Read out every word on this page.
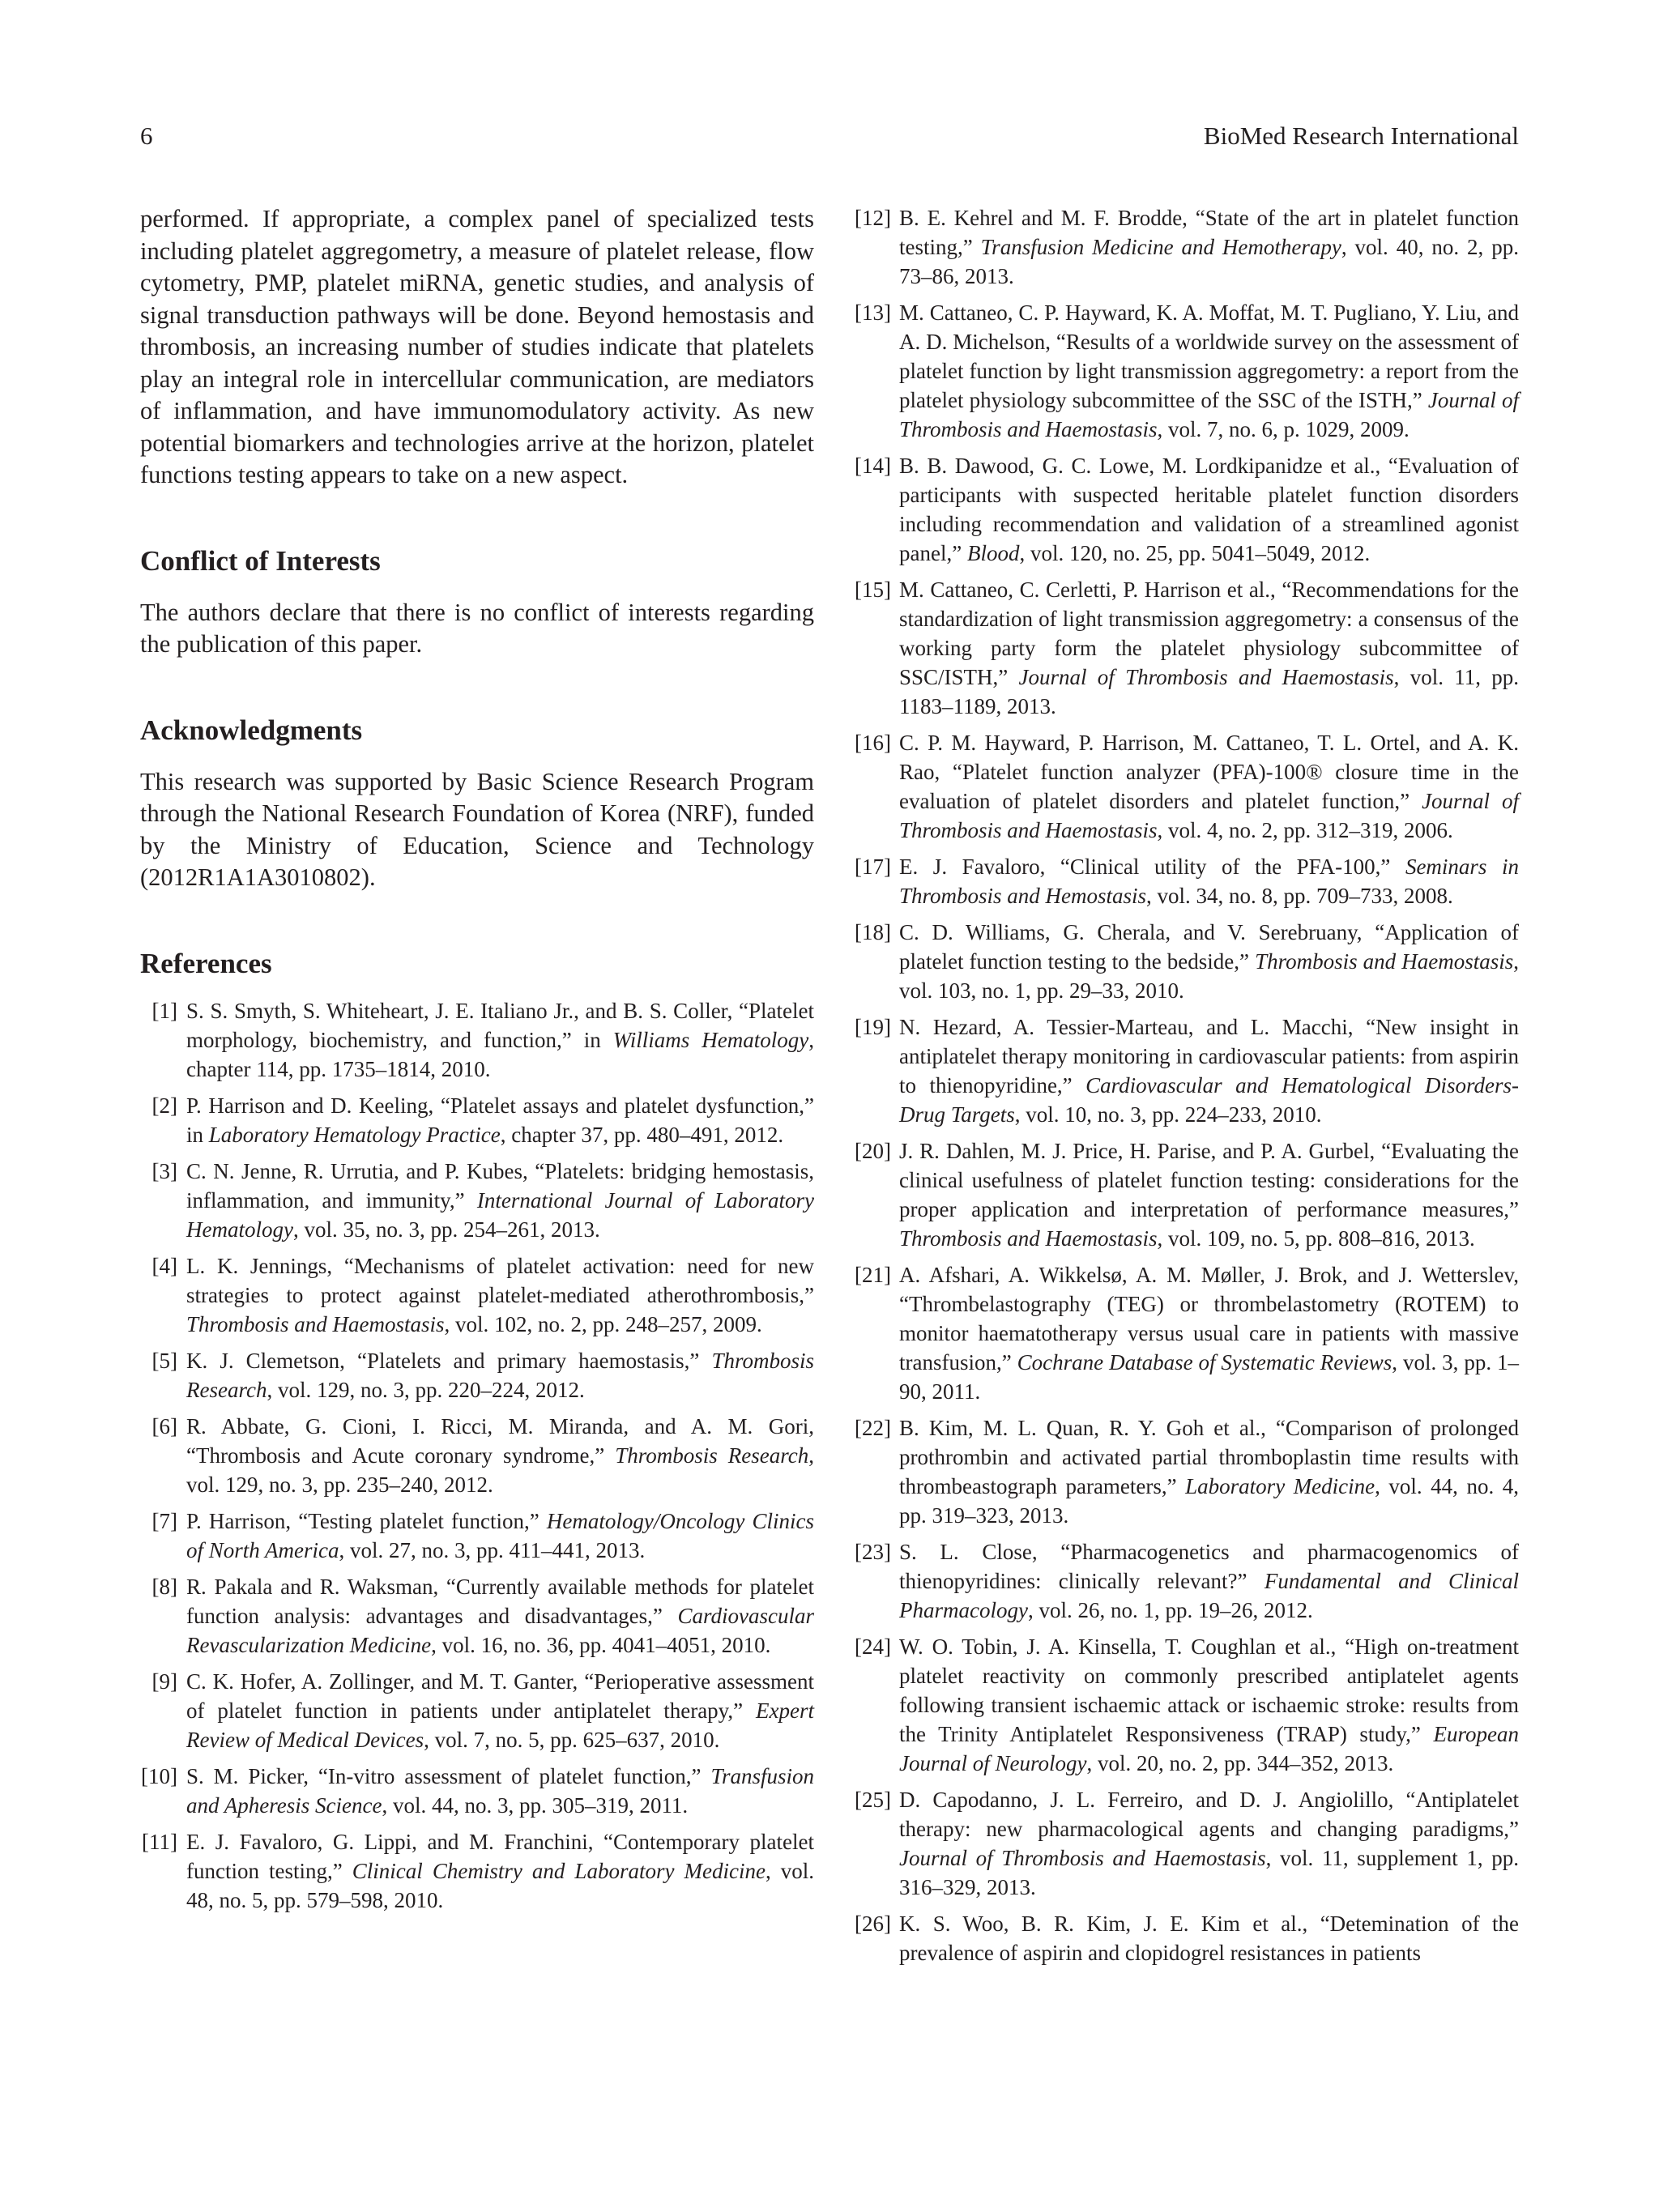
6	BioMed Research International

performed. If appropriate, a complex panel of specialized tests including platelet aggregometry, a measure of platelet release, flow cytometry, PMP, platelet miRNA, genetic studies, and analysis of signal transduction pathways will be done. Beyond hemostasis and thrombosis, an increasing number of studies indicate that platelets play an integral role in intercellular communication, are mediators of inflammation, and have immunomodulatory activity. As new potential biomarkers and technologies arrive at the horizon, platelet functions testing appears to take on a new aspect.

Conflict of Interests

The authors declare that there is no conflict of interests regarding the publication of this paper.

Acknowledgments

This research was supported by Basic Science Research Program through the National Research Foundation of Korea (NRF), funded by the Ministry of Education, Science and Technology (2012R1A1A3010802).

References
[1] S. S. Smyth, S. Whiteheart, J. E. Italiano Jr., and B. S. Coller, “Platelet morphology, biochemistry, and function,” in Williams Hematology, chapter 114, pp. 1735–1814, 2010.
[2] P. Harrison and D. Keeling, “Platelet assays and platelet dysfunction,” in Laboratory Hematology Practice, chapter 37, pp. 480–491, 2012.
[3] C. N. Jenne, R. Urrutia, and P. Kubes, “Platelets: bridging hemostasis, inflammation, and immunity,” International Journal of Laboratory Hematology, vol. 35, no. 3, pp. 254–261, 2013.
[4] L. K. Jennings, “Mechanisms of platelet activation: need for new strategies to protect against platelet-mediated atherothrombosis,” Thrombosis and Haemostasis, vol. 102, no. 2, pp. 248–257, 2009.
[5] K. J. Clemetson, “Platelets and primary haemostasis,” Thrombosis Research, vol. 129, no. 3, pp. 220–224, 2012.
[6] R. Abbate, G. Cioni, I. Ricci, M. Miranda, and A. M. Gori, “Thrombosis and Acute coronary syndrome,” Thrombosis Research, vol. 129, no. 3, pp. 235–240, 2012.
[7] P. Harrison, “Testing platelet function,” Hematology/Oncology Clinics of North America, vol. 27, no. 3, pp. 411–441, 2013.
[8] R. Pakala and R. Waksman, “Currently available methods for platelet function analysis: advantages and disadvantages,” Cardiovascular Revascularization Medicine, vol. 16, no. 36, pp. 4041–4051, 2010.
[9] C. K. Hofer, A. Zollinger, and M. T. Ganter, “Perioperative assessment of platelet function in patients under antiplatelet therapy,” Expert Review of Medical Devices, vol. 7, no. 5, pp. 625–637, 2010.
[10] S. M. Picker, “In-vitro assessment of platelet function,” Transfusion and Apheresis Science, vol. 44, no. 3, pp. 305–319, 2011.
[11] E. J. Favaloro, G. Lippi, and M. Franchini, “Contemporary platelet function testing,” Clinical Chemistry and Laboratory Medicine, vol. 48, no. 5, pp. 579–598, 2010.
[12] B. E. Kehrel and M. F. Brodde, “State of the art in platelet function testing,” Transfusion Medicine and Hemotherapy, vol. 40, no. 2, pp. 73–86, 2013.
[13] M. Cattaneo, C. P. Hayward, K. A. Moffat, M. T. Pugliano, Y. Liu, and A. D. Michelson, “Results of a worldwide survey on the assessment of platelet function by light transmission aggregometry: a report from the platelet physiology subcommittee of the SSC of the ISTH,” Journal of Thrombosis and Haemostasis, vol. 7, no. 6, p. 1029, 2009.
[14] B. B. Dawood, G. C. Lowe, M. Lordkipanidze et al., “Evaluation of participants with suspected heritable platelet function disorders including recommendation and validation of a streamlined agonist panel,” Blood, vol. 120, no. 25, pp. 5041–5049, 2012.
[15] M. Cattaneo, C. Cerletti, P. Harrison et al., “Recommendations for the standardization of light transmission aggregometry: a consensus of the working party form the platelet physiology subcommittee of SSC/ISTH,” Journal of Thrombosis and Haemostasis, vol. 11, pp. 1183–1189, 2013.
[16] C. P. M. Hayward, P. Harrison, M. Cattaneo, T. L. Ortel, and A. K. Rao, “Platelet function analyzer (PFA)-100® closure time in the evaluation of platelet disorders and platelet function,” Journal of Thrombosis and Haemostasis, vol. 4, no. 2, pp. 312–319, 2006.
[17] E. J. Favaloro, “Clinical utility of the PFA-100,” Seminars in Thrombosis and Hemostasis, vol. 34, no. 8, pp. 709–733, 2008.
[18] C. D. Williams, G. Cherala, and V. Serebruany, “Application of platelet function testing to the bedside,” Thrombosis and Haemostasis, vol. 103, no. 1, pp. 29–33, 2010.
[19] N. Hezard, A. Tessier-Marteau, and L. Macchi, “New insight in antiplatelet therapy monitoring in cardiovascular patients: from aspirin to thienopyridine,” Cardiovascular and Hematological Disorders-Drug Targets, vol. 10, no. 3, pp. 224–233, 2010.
[20] J. R. Dahlen, M. J. Price, H. Parise, and P. A. Gurbel, “Evaluating the clinical usefulness of platelet function testing: considerations for the proper application and interpretation of performance measures,” Thrombosis and Haemostasis, vol. 109, no. 5, pp. 808–816, 2013.
[21] A. Afshari, A. Wikkelsø, A. M. Møller, J. Brok, and J. Wetterslev, “Thrombelastography (TEG) or thrombelastometry (ROTEM) to monitor haematotherapy versus usual care in patients with massive transfusion,” Cochrane Database of Systematic Reviews, vol. 3, pp. 1–90, 2011.
[22] B. Kim, M. L. Quan, R. Y. Goh et al., “Comparison of prolonged prothrombin and activated partial thromboplastin time results with thrombeastograph parameters,” Laboratory Medicine, vol. 44, no. 4, pp. 319–323, 2013.
[23] S. L. Close, “Pharmacogenetics and pharmacogenomics of thienopyridines: clinically relevant?” Fundamental and Clinical Pharmacology, vol. 26, no. 1, pp. 19–26, 2012.
[24] W. O. Tobin, J. A. Kinsella, T. Coughlan et al., “High on-treatment platelet reactivity on commonly prescribed antiplatelet agents following transient ischaemic attack or ischaemic stroke: results from the Trinity Antiplatelet Responsiveness (TRAP) study,” European Journal of Neurology, vol. 20, no. 2, pp. 344–352, 2013.
[25] D. Capodanno, J. L. Ferreiro, and D. J. Angiolillo, “Antiplatelet therapy: new pharmacological agents and changing paradigms,” Journal of Thrombosis and Haemostasis, vol. 11, supplement 1, pp. 316–329, 2013.
[26] K. S. Woo, B. R. Kim, J. E. Kim et al., “Detemination of the prevalence of aspirin and clopidogrel resistances in patients
